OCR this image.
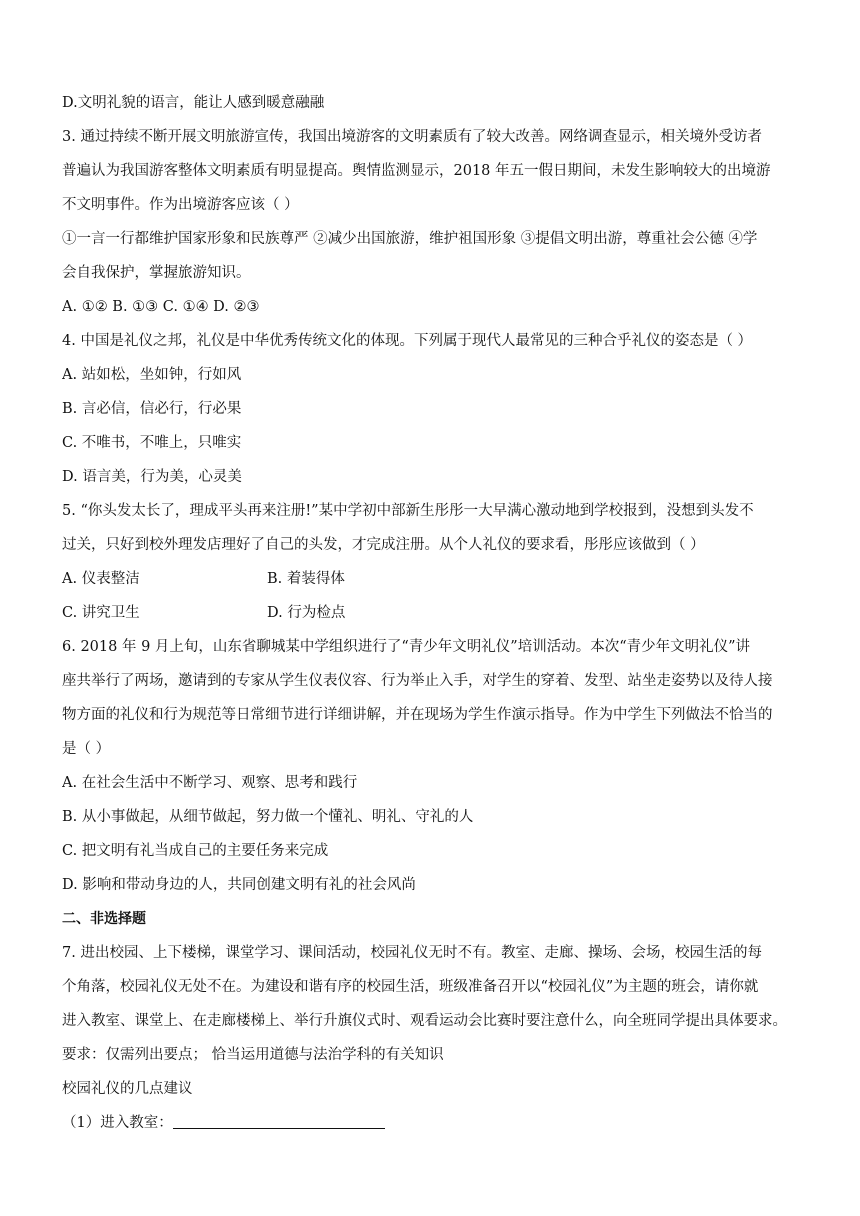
D.文明礼貌的语言，能让人感到暖意融融
3. 通过持续不断开展文明旅游宣传，我国出境游客的文明素质有了较大改善。网络调查显示，相关境外受访者
普遍认为我国游客整体文明素质有明显提高。舆情监测显示，2018 年五一假日期间，未发生影响较大的出境游
不文明事件。作为出境游客应该（ ）
①一言一行都维护国家形象和民族尊严 ②减少出国旅游，维护祖国形象 ③提倡文明出游，尊重社会公德 ④学
会自我保护，掌握旅游知识。
A. ①② B. ①③ C. ①④ D. ②③
4. 中国是礼仪之邦，礼仪是中华优秀传统文化的体现。下列属于现代人最常见的三种合乎礼仪的姿态是（ ）
A. 站如松，坐如钟，行如风
B. 言必信，信必行，行必果
C. 不唯书，不唯上，只唯实
D. 语言美，行为美，心灵美
5. “你头发太长了，理成平头再来注册!”某中学初中部新生彤彤一大早满心激动地到学校报到，没想到头发不
过关，只好到校外理发店理好了自己的头发，才完成注册。从个人礼仪的要求看，彤彤应该做到（ ）
A. 仪表整洁	B. 着装得体
C. 讲究卫生	D. 行为检点
6. 2018 年 9 月上旬，山东省聊城某中学组织进行了“青少年文明礼仪”培训活动。本次“青少年文明礼仪”讲
座共举行了两场，邀请到的专家从学生仪表仪容、行为举止入手，对学生的穿着、发型、站坐走姿势以及待人接
物方面的礼仪和行为规范等日常细节进行详细讲解，并在现场为学生作演示指导。作为中学生下列做法不恰当的
是（ ）
A. 在社会生活中不断学习、观察、思考和践行
B. 从小事做起，从细节做起，努力做一个懂礼、明礼、守礼的人
C. 把文明有礼当成自己的主要任务来完成
D. 影响和带动身边的人，共同创建文明有礼的社会风尚
二、非选择题
7. 进出校园、上下楼梯，课堂学习、课间活动，校园礼仪无时不有。教室、走廊、操场、会场，校园生活的每
个角落，校园礼仪无处不在。为建设和谐有序的校园生活，班级准备召开以“校园礼仪”为主题的班会，请你就
进入教室、课堂上、在走廊楼梯上、举行升旗仪式时、观看运动会比赛时要注意什么，向全班同学提出具体要求。
要求：仅需列出要点； 恰当运用道德与法治学科的有关知识
校园礼仪的几点建议
（1）进入教室：
